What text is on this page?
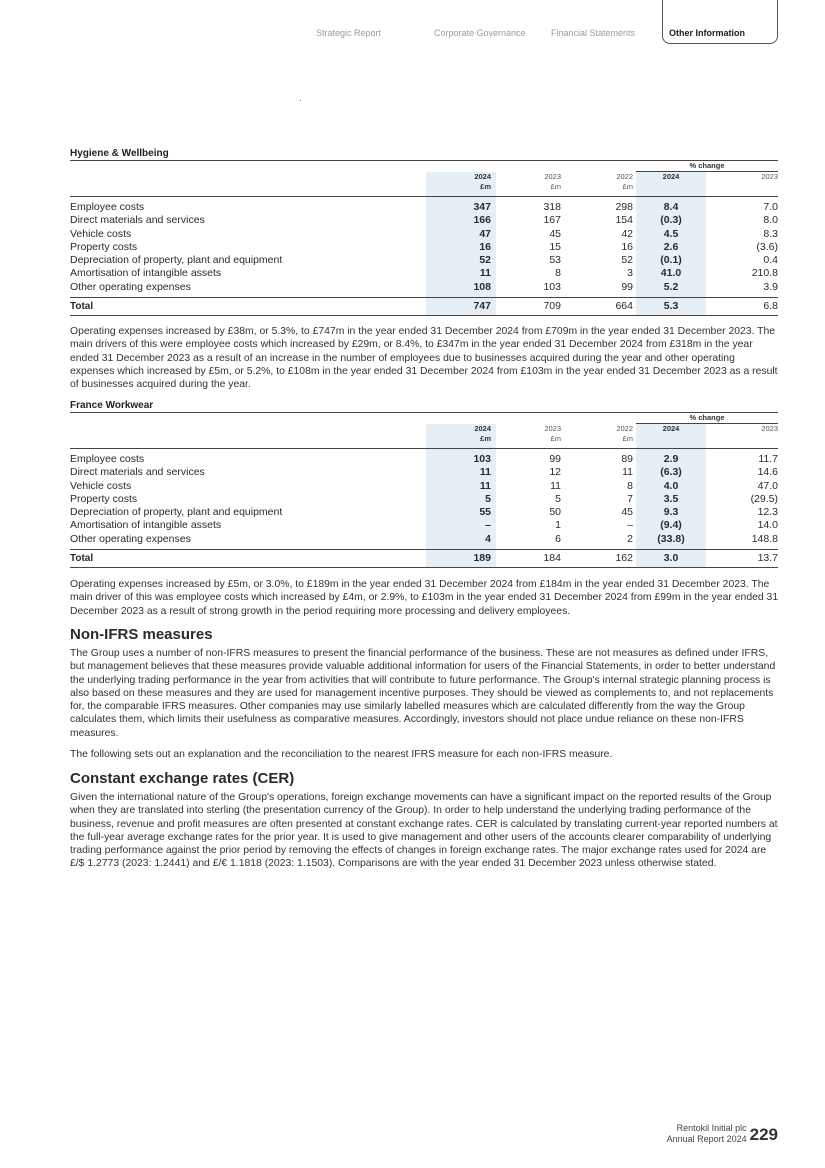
Strategic Report	Corporate Governance	Financial Statements	Other Information
Hygiene & Wellbeing
				% change	
	2024	2023	2022	2024	2023
	£m	£m	£m		
Employee costs	347	318	298	8.4	7.0
Direct materials and services	166	167	154	(0.3)	8.0
Vehicle costs	47	45	42	4.5	8.3
Property costs	16	15	16	2.6	(3.6)
Depreciation of property, plant and equipment	52	53	52	(0.1)	0.4
Amortisation of intangible assets	11	8	3	41.0	210.8
Other operating expenses	108	103	99	5.2	3.9
Total	747	709	664	5.3	6.8

Operating expenses increased by £38m, or 5.3%, to £747m in the year ended 31 December 2024 from £709m in the year ended 31 December 2023. The main drivers of this were employee costs which increased by £29m, or 8.4%, to £347m in the year ended 31 December 2024 from £318m in the year ended 31 December 2023 as a result of an increase in the number of employees due to businesses acquired during the year and other operating expenses which increased by £5m, or 5.2%, to £108m in the year ended 31 December 2024 from £103m in the year ended 31 December 2023 as a result of businesses acquired during the year.

France Workwear
				% change	
	2024	2023	2022	2024	2023
	£m	£m	£m		
Employee costs	103	99	89	2.9	11.7
Direct materials and services	11	12	11	(6.3)	14.6
Vehicle costs	11	11	8	4.0	47.0
Property costs	5	5	7	3.5	(29.5)
Depreciation of property, plant and equipment	55	50	45	9.3	12.3
Amortisation of intangible assets	–	1	–	(9.4)	14.0
Other operating expenses	4	6	2	(33.8)	148.8
Total	189	184	162	3.0	13.7

Operating expenses increased by £5m, or 3.0%, to £189m in the year ended 31 December 2024 from £184m in the year ended 31 December 2023. The main driver of this was employee costs which increased by £4m, or 2.9%, to £103m in the year ended 31 December 2024 from £99m in the year ended 31 December 2023 as a result of strong growth in the period requiring more processing and delivery employees.

Non-IFRS measures

The Group uses a number of non-IFRS measures to present the financial performance of the business. These are not measures as defined under IFRS, but management believes that these measures provide valuable additional information for users of the Financial Statements, in order to better understand the underlying trading performance in the year from activities that will contribute to future performance. The Group's internal strategic planning process is also based on these measures and they are used for management incentive purposes. They should be viewed as complements to, and not replacements for, the comparable IFRS measures. Other companies may use similarly labelled measures which are calculated differently from the way the Group calculates them, which limits their usefulness as comparative measures. Accordingly, investors should not place undue reliance on these non-IFRS measures.

The following sets out an explanation and the reconciliation to the nearest IFRS measure for each non-IFRS measure.

Constant exchange rates (CER)

Given the international nature of the Group's operations, foreign exchange movements can have a significant impact on the reported results of the Group when they are translated into sterling (the presentation currency of the Group). In order to help understand the underlying trading performance of the business, revenue and profit measures are often presented at constant exchange rates. CER is calculated by translating current-year reported numbers at the full-year average exchange rates for the prior year. It is used to give management and other users of the accounts clearer comparability of underlying trading performance against the prior period by removing the effects of changes in foreign exchange rates. The major exchange rates used for 2024 are £/$ 1.2773 (2023: 1.2441) and £/€ 1.1818 (2023: 1.1503). Comparisons are with the year ended 31 December 2023 unless otherwise stated.

Rentokil Initial plc
Annual Report 2024 229
